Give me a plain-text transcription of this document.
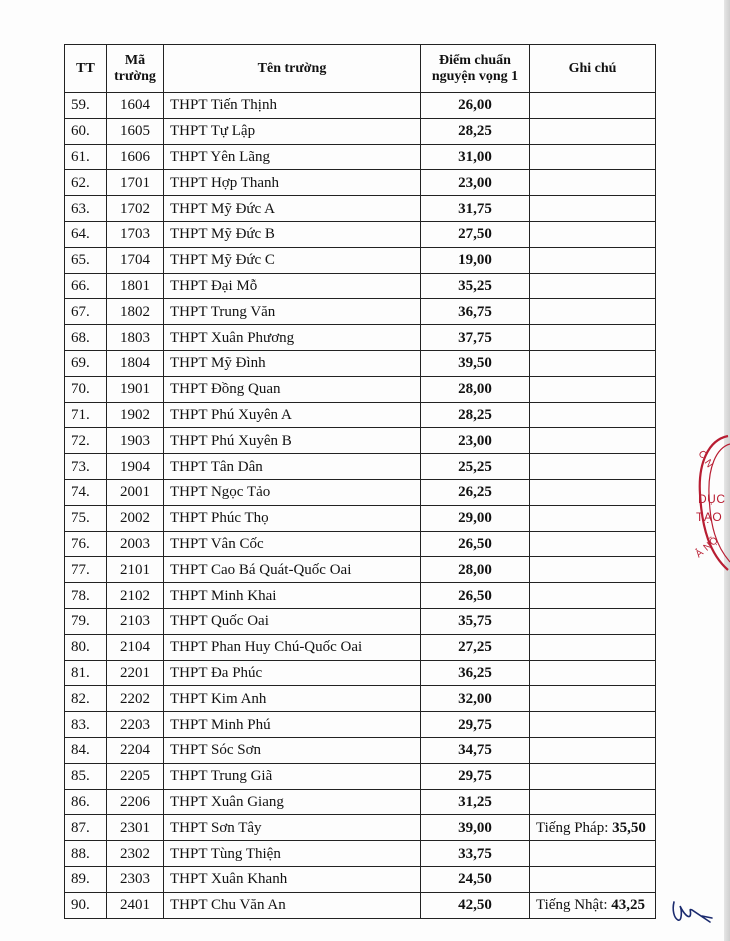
TT	Mã trường	Tên trường	Điểm chuẩn nguyện vọng 1	Ghi chú
59.	1604	THPT Tiến Thịnh	26,00	
60.	1605	THPT Tự Lập	28,25	
61.	1606	THPT Yên Lãng	31,00	
62.	1701	THPT Hợp Thanh	23,00	
63.	1702	THPT Mỹ Đức A	31,75	
64.	1703	THPT Mỹ Đức B	27,50	
65.	1704	THPT Mỹ Đức C	19,00	
66.	1801	THPT Đại Mỗ	35,25	
67.	1802	THPT Trung Văn	36,75	
68.	1803	THPT Xuân Phương	37,75	
69.	1804	THPT Mỹ Đình	39,50	
70.	1901	THPT Đồng Quan	28,00	
71.	1902	THPT Phú Xuyên A	28,25	
72.	1903	THPT Phú Xuyên B	23,00	
73.	1904	THPT Tân Dân	25,25	
74.	2001	THPT Ngọc Tảo	26,25	
75.	2002	THPT Phúc Thọ	29,00	
76.	2003	THPT Vân Cốc	26,50	
77.	2101	THPT Cao Bá Quát-Quốc Oai	28,00	
78.	2102	THPT Minh Khai	26,50	
79.	2103	THPT Quốc Oai	35,75	
80.	2104	THPT Phan Huy Chú-Quốc Oai	27,25	
81.	2201	THPT Đa Phúc	36,25	
82.	2202	THPT Kim Anh	32,00	
83.	2203	THPT Minh Phú	29,75	
84.	2204	THPT Sóc Sơn	34,75	
85.	2205	THPT Trung Giã	29,75	
86.	2206	THPT Xuân Giang	31,25	
87.	2301	THPT Sơn Tây	39,00	Tiếng Pháp: 35,50
88.	2302	THPT Tùng Thiện	33,75	
89.	2303	THPT Xuân Khanh	24,50	
90.	2401	THPT Chu Văn An	42,50	Tiếng Nhật: 43,25
C.N
DỤC
TẠO
Ả NỘ
